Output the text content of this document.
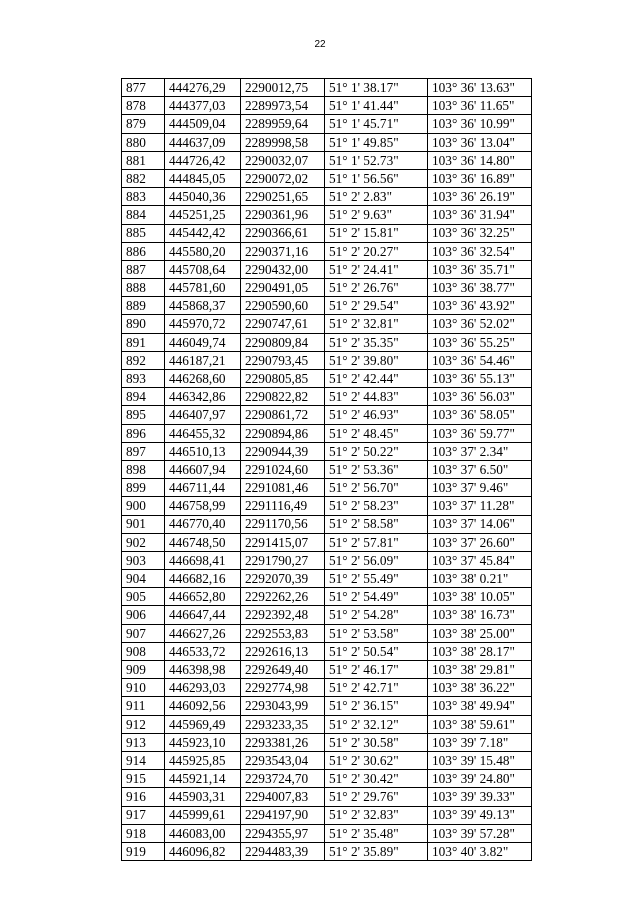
22
877	444276,29	2290012,75	51° 1' 38.17"	103° 36' 13.63"
878	444377,03	2289973,54	51° 1' 41.44"	103° 36' 11.65"
879	444509,04	2289959,64	51° 1' 45.71"	103° 36' 10.99"
880	444637,09	2289998,58	51° 1' 49.85"	103° 36' 13.04"
881	444726,42	2290032,07	51° 1' 52.73"	103° 36' 14.80"
882	444845,05	2290072,02	51° 1' 56.56"	103° 36' 16.89"
883	445040,36	2290251,65	51° 2' 2.83"	103° 36' 26.19"
884	445251,25	2290361,96	51° 2' 9.63"	103° 36' 31.94"
885	445442,42	2290366,61	51° 2' 15.81"	103° 36' 32.25"
886	445580,20	2290371,16	51° 2' 20.27"	103° 36' 32.54"
887	445708,64	2290432,00	51° 2' 24.41"	103° 36' 35.71"
888	445781,60	2290491,05	51° 2' 26.76"	103° 36' 38.77"
889	445868,37	2290590,60	51° 2' 29.54"	103° 36' 43.92"
890	445970,72	2290747,61	51° 2' 32.81"	103° 36' 52.02"
891	446049,74	2290809,84	51° 2' 35.35"	103° 36' 55.25"
892	446187,21	2290793,45	51° 2' 39.80"	103° 36' 54.46"
893	446268,60	2290805,85	51° 2' 42.44"	103° 36' 55.13"
894	446342,86	2290822,82	51° 2' 44.83"	103° 36' 56.03"
895	446407,97	2290861,72	51° 2' 46.93"	103° 36' 58.05"
896	446455,32	2290894,86	51° 2' 48.45"	103° 36' 59.77"
897	446510,13	2290944,39	51° 2' 50.22"	103° 37' 2.34"
898	446607,94	2291024,60	51° 2' 53.36"	103° 37' 6.50"
899	446711,44	2291081,46	51° 2' 56.70"	103° 37' 9.46"
900	446758,99	2291116,49	51° 2' 58.23"	103° 37' 11.28"
901	446770,40	2291170,56	51° 2' 58.58"	103° 37' 14.06"
902	446748,50	2291415,07	51° 2' 57.81"	103° 37' 26.60"
903	446698,41	2291790,27	51° 2' 56.09"	103° 37' 45.84"
904	446682,16	2292070,39	51° 2' 55.49"	103° 38' 0.21"
905	446652,80	2292262,26	51° 2' 54.49"	103° 38' 10.05"
906	446647,44	2292392,48	51° 2' 54.28"	103° 38' 16.73"
907	446627,26	2292553,83	51° 2' 53.58"	103° 38' 25.00"
908	446533,72	2292616,13	51° 2' 50.54"	103° 38' 28.17"
909	446398,98	2292649,40	51° 2' 46.17"	103° 38' 29.81"
910	446293,03	2292774,98	51° 2' 42.71"	103° 38' 36.22"
911	446092,56	2293043,99	51° 2' 36.15"	103° 38' 49.94"
912	445969,49	2293233,35	51° 2' 32.12"	103° 38' 59.61"
913	445923,10	2293381,26	51° 2' 30.58"	103° 39' 7.18"
914	445925,85	2293543,04	51° 2' 30.62"	103° 39' 15.48"
915	445921,14	2293724,70	51° 2' 30.42"	103° 39' 24.80"
916	445903,31	2294007,83	51° 2' 29.76"	103° 39' 39.33"
917	445999,61	2294197,90	51° 2' 32.83"	103° 39' 49.13"
918	446083,00	2294355,97	51° 2' 35.48"	103° 39' 57.28"
919	446096,82	2294483,39	51° 2' 35.89"	103° 40' 3.82"
